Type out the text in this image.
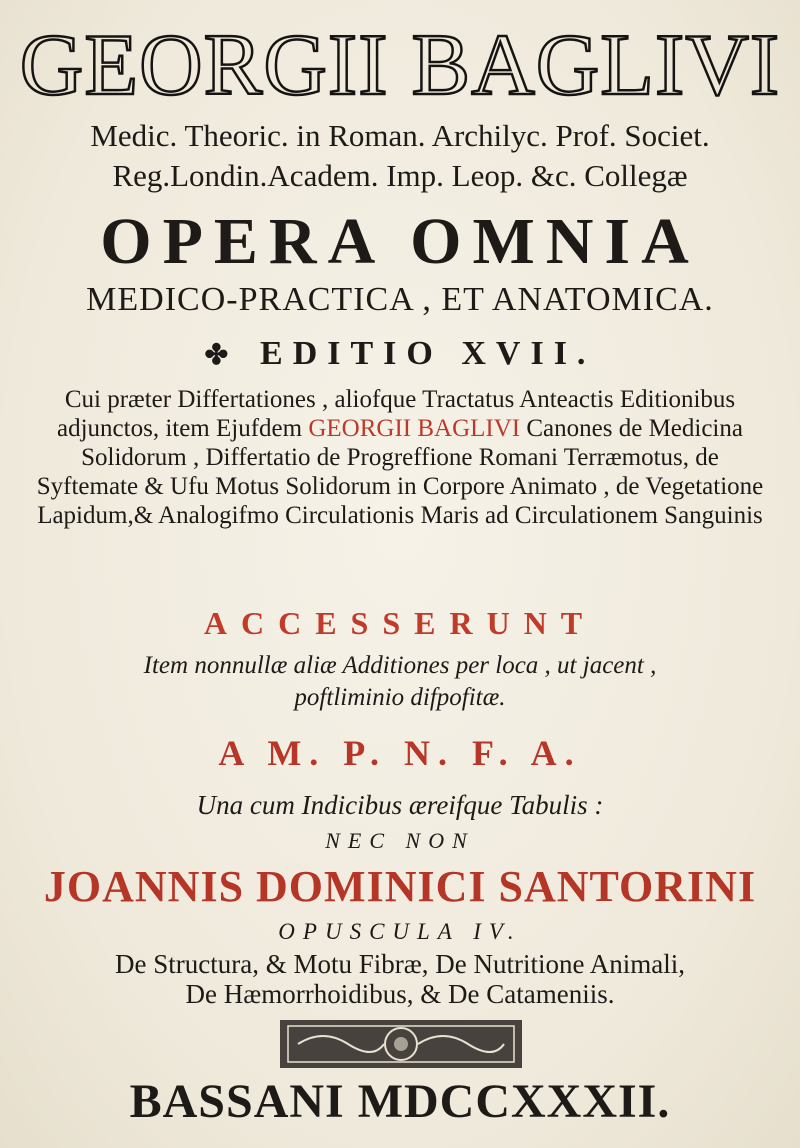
GEORGII BAGLIVI
Medic. Theoric. in Roman. Archilyc. Prof. Societ.
Reg.Londin.Academ. Imp. Leop. &c. Collegæ
OPERA OMNIA
MEDICO-PRACTICA , ET ANATOMICA.
✤ EDITIO XVII.
Cui præter Differtationes , aliofque Tractatus Anteactis Editionibus adjunctos, item Ejufdem GEORGII BAGLIVI Canones de Medicina Solidorum , Differtatio de Progreffione Romani Terræmotus, de Syftemate & Ufu Motus Solidorum in Corpore Animato , de Vegetatione Lapidum,& Analogifmo Circulationis Maris ad Circulationem Sanguinis
ACCESSERUNT
Item nonnullæ aliæ Additiones per loca , ut jacent ,
poftliminio difpofitæ.
A M. P. N. F. A.
Una cum Indicibus æreifque Tabulis :
NEC NON
JOANNIS DOMINICI SANTORINI
OPUSCULA IV.
De Structura, & Motu Fibræ, De Nutritione Animali,
De Hæmorrhoidibus, & De Catameniis.
BASSANI MDCCXXXII.
